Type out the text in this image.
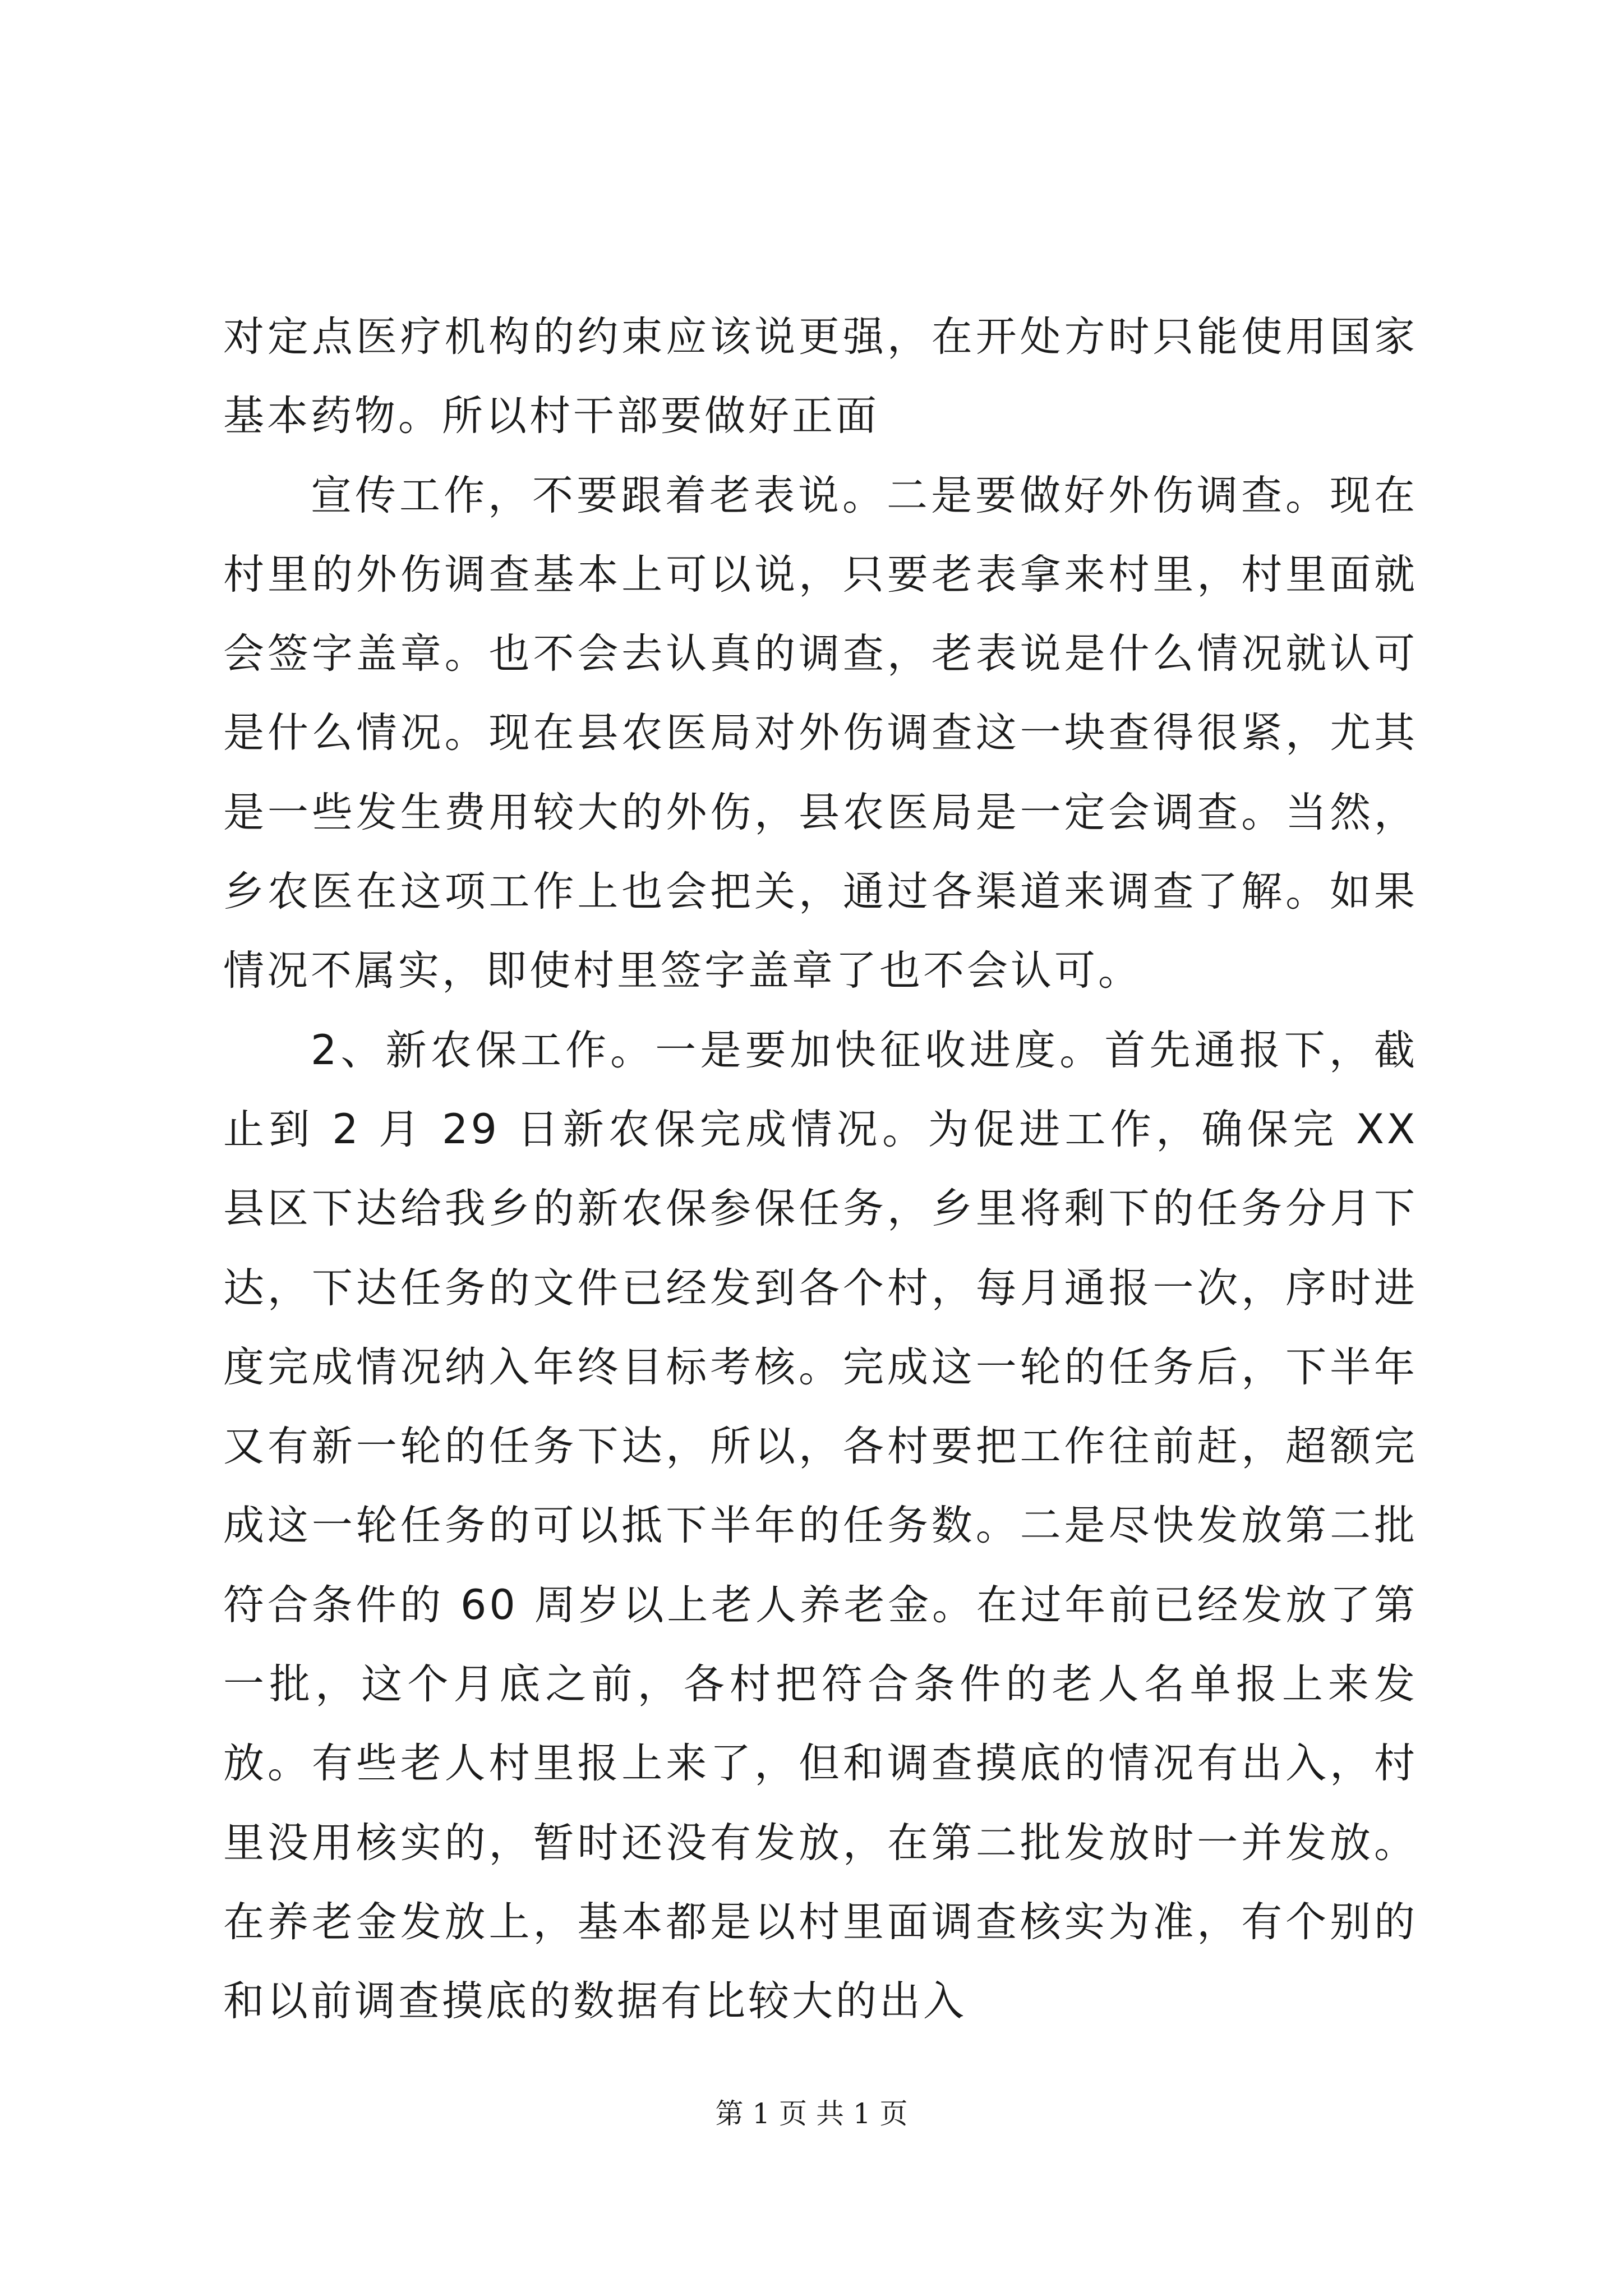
对定点医疗机构的约束应该说更强，在开处方时只能使用国家基本药物。所以村干部要做好正面

宣传工作，不要跟着老表说。二是要做好外伤调查。现在村里的外伤调查基本上可以说，只要老表拿来村里，村里面就会签字盖章。也不会去认真的调查，老表说是什么情况就认可是什么情况。现在县农医局对外伤调查这一块查得很紧，尤其是一些发生费用较大的外伤，县农医局是一定会调查。当然，乡农医在这项工作上也会把关，通过各渠道来调查了解。如果情况不属实，即使村里签字盖章了也不会认可。

2、新农保工作。一是要加快征收进度。首先通报下，截止到 2 月 29 日新农保完成情况。为促进工作，确保完 XX 县区下达给我乡的新农保参保任务，乡里将剩下的任务分月下达，下达任务的文件已经发到各个村，每月通报一次，序时进度完成情况纳入年终目标考核。完成这一轮的任务后，下半年又有新一轮的任务下达，所以，各村要把工作往前赶，超额完成这一轮任务的可以抵下半年的任务数。二是尽快发放第二批符合条件的 60 周岁以上老人养老金。在过年前已经发放了第一批，这个月底之前，各村把符合条件的老人名单报上来发放。有些老人村里报上来了，但和调查摸底的情况有出入，村里没用核实的，暂时还没有发放，在第二批发放时一并发放。在养老金发放上，基本都是以村里面调查核实为准，有个别的和以前调查摸底的数据有比较大的出入

第 1 页 共 1 页
